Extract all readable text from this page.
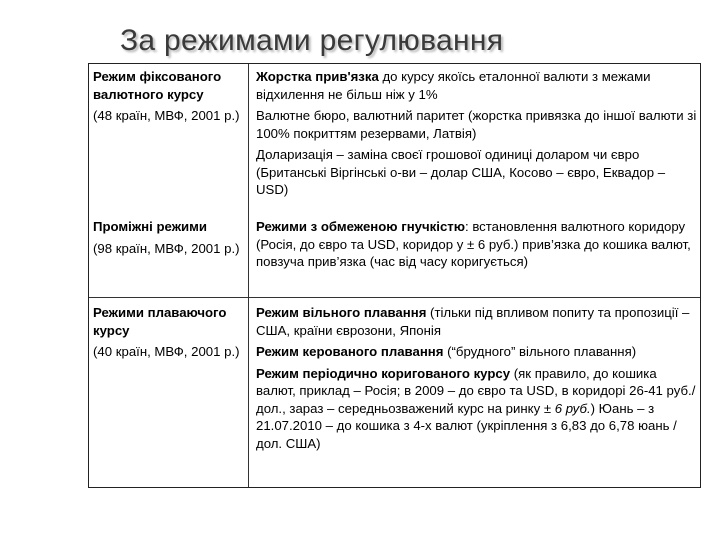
За режимами регулювання

Режим фіксованого валютного курсу

(48 країн, МВФ, 2001 р.)

Проміжні режими

(98 країн, МВФ, 2001 р.)

Жорстка прив'язка до курсу якоїсь еталонної валюти з межами відхилення не більш ніж у 1%

Валютне бюро, валютний паритет (жорстка привязка до іншої валюти зі 100% покриттям резервами, Латвія)

Доларизація – заміна своєї грошової одиниці доларом чи євро (Британські Віргінські о-ви – долар США, Косово – євро, Еквадор – USD)

Режими з обмеженою гнучкістю: встановлення валютного коридору (Росія, до євро та USD, коридор у ± 6 руб.) прив’язка до кошика валют, повзуча прив’язка (час від часу коригується)

Режими плаваючого курсу

(40 країн, МВФ, 2001 р.)

Режим вільного плавання (тільки під впливом попиту та пропозиції – США, країни єврозони, Японія

Режим керованого плавання (“брудного” вільного плавання)

Режим періодично коригованого курсу (як правило, до кошика валют, приклад – Росія; в 2009 – до євро та USD, в коридорі 26-41 руб./дол., зараз – середньозважений курс на ринку ± 6 руб.) Юань – з 21.07.2010 – до кошика з 4-х валют (укріплення з 6,83 до 6,78 юань / дол. США)
